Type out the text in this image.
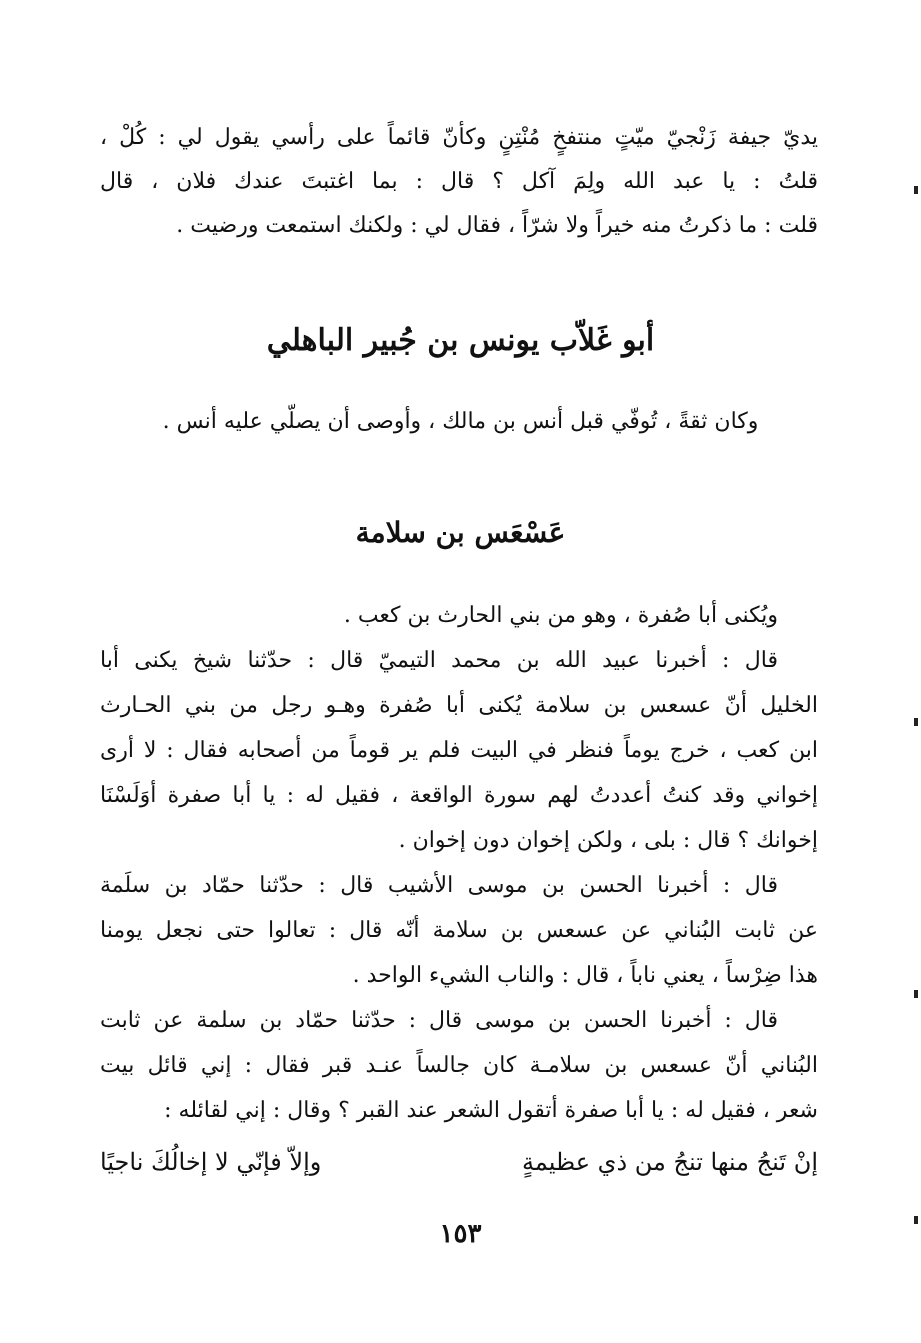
يديّ جيفة زَنْجيّ ميّتٍ منتفخٍ مُنْتِنٍ وكأنّ قائماً على رأسي يقول لي : كُلْ ،
قلتُ : يا عبد الله ولِمَ آكل ؟ قال : بما اغتبتَ عندك فلان ، قال
قلت : ما ذكرتُ منه خيراً ولا شرّاً ، فقال لي : ولكنك استمعت ورضيت .
أبو غَلاّب يونس بن جُبير الباهلي
وكان ثقةً ، تُوفّي قبل أنس بن مالك ، وأوصى أن يصلّي عليه أنس .
عَسْعَس بن سلامة
ويُكنى أبا صُفرة ، وهو من بني الحارث بن كعب .
قال : أخبرنا عبيد الله بن محمد التيميّ قال : حدّثنا شيخ يكنى أبا
الخليل أنّ عسعس بن سلامة يُكنى أبا صُفرة وهـو رجل من بني الحـارث
ابن كعب ، خرج يوماً فنظر في البيت فلم ير قوماً من أصحابه فقال : لا أرى
إخواني وقد كنتُ أعددتُ لهم سورة الواقعة ، فقيل له : يا أبا صفرة أوَلَسْنَا
إخوانك ؟ قال : بلى ، ولكن إخوان دون إخوان .
قال : أخبرنا الحسن بن موسى الأشيب قال : حدّثنا حمّاد بن سلَمة
عن ثابت البُناني عن عسعس بن سلامة أنّه قال : تعالوا حتى نجعل يومنا
هذا ضِرْساً ، يعني ناباً ، قال : والناب الشيء الواحد .
قال : أخبرنا الحسن بن موسى قال : حدّثنا حمّاد بن سلمة عن ثابت
البُناني أنّ عسعس بن سلامـة كان جالساً عنـد قبر فقال : إني قائل بيت
شعر ، فقيل له : يا أبا صفرة أتقول الشعر عند القبر ؟ وقال : إني لقائله :
إنْ تَنجُ منها تنجُ من ذي عظيمةٍ
وإلاّ فإنّي لا إخالُكَ ناجيًا
١٥٣
